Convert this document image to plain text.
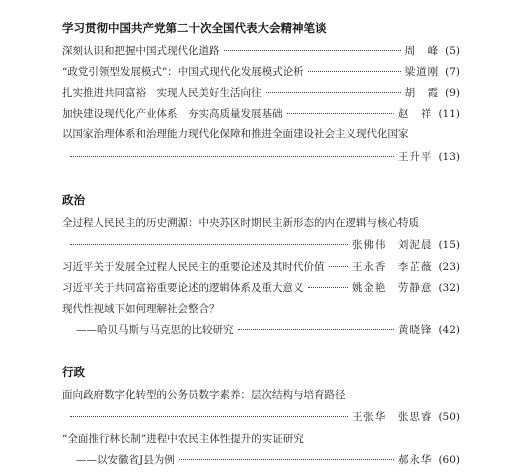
学习贯彻中国共产党第二十次全国代表大会精神笔谈
深刻认识和把握中国式现代化道路	周　峰 (5)
“政党引领型发展模式”：中国式现代化发展模式论析	梁道刚 (7)
扎实推进共同富裕　实现人民美好生活向往	胡　霞 (9)
加快建设现代化产业体系　夯实高质量发展基础	赵　祥 (11)
以国家治理体系和治理能力现代化保障和推进全面建设社会主义现代化国家
王升平 (13)
政治
全过程人民民主的历史溯源：中央苏区时期民主新形态的内在逻辑与核心特质
张佛伟　刘泥晨 (15)
习近平关于发展全过程人民民主的重要论述及其时代价值	王永香　李芷薇 (23)
习近平关于共同富裕重要论述的逻辑体系及重大意义	姚金艳　劳静意 (32)
现代性视域下如何理解社会整合？
——哈贝马斯与马克思的比较研究	黄晓锋 (42)
行政
面向政府数字化转型的公务员数字素养：层次结构与培育路径
王张华　张思睿 (50)
“全面推行林长制”进程中农民主体性提升的实证研究
——以安徽省J县为例	郝永华 (60)
